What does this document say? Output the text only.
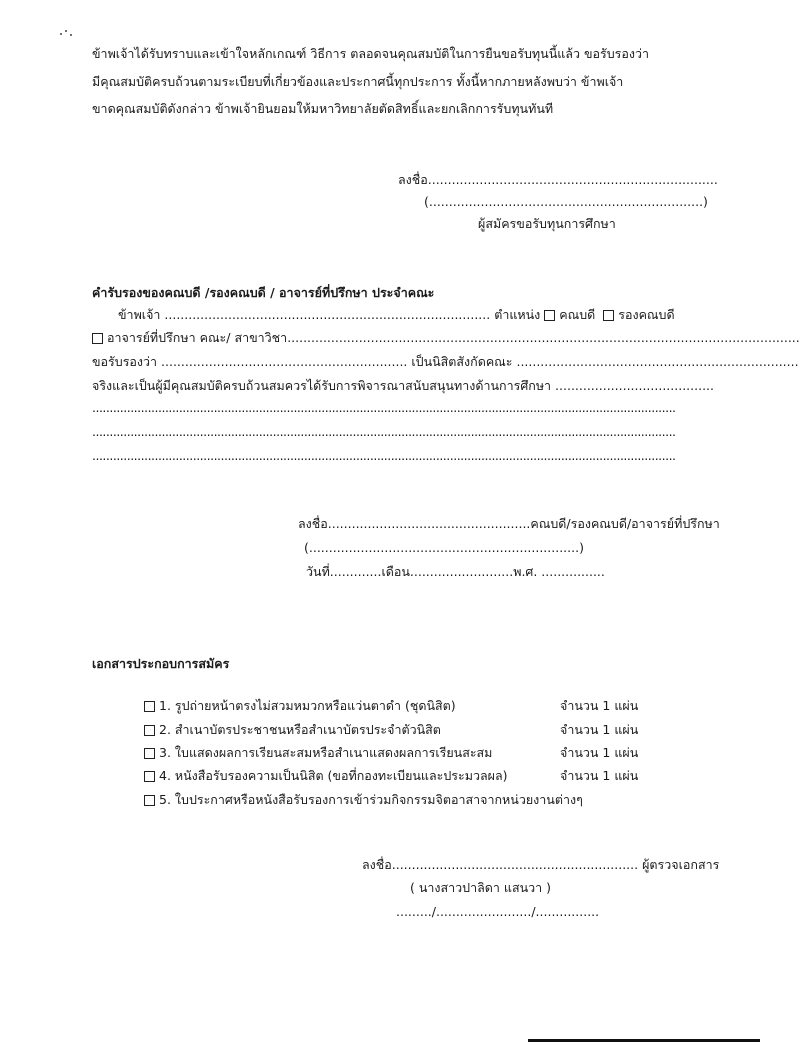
ข้าพเจ้าได้รับทราบและเข้าใจหลักเกณฑ์ วิธีการ ตลอดจนคุณสมบัติในการยืนขอรับทุนนี้แล้ว ขอรับรองว่า
มีคุณสมบัติครบถ้วนตามระเบียบที่เกี่ยวข้องและประกาศนี้ทุกประการ ทั้งนี้หากภายหลังพบว่า ข้าพเจ้า
ขาดคุณสมบัติดังกล่าว ข้าพเจ้ายินยอมให้มหาวิทยาลัยตัดสิทธิ์และยกเลิกการรับทุนทันที
ลงชื่อ.........................................................................
(.....................................................................)
ผู้สมัครขอรับทุนการศึกษา
คำรับรองของคณบดี /รองคณบดี / อาจารย์ที่ปรึกษา ประจำคณะ
ข้าพเจ้า .................................................................................. ตำแหน่ง คณบดี รองคณบดี
อาจารย์ที่ปรึกษา คณะ/ สาขาวิชา.................................................................................................................................
ขอรับรองว่า .............................................................. เป็นนิสิตสังกัดคณะ .......................................................................
จริงและเป็นผู้มีคุณสมบัติครบถ้วนสมควรได้รับการพิจารณาสนับสนุนทางด้านการศึกษา ........................................
........................................................................................................................................................................
........................................................................................................................................................................
........................................................................................................................................................................
ลงชื่อ...................................................คณบดี/รองคณบดี/อาจารย์ที่ปรึกษา
(....................................................................)
วันที่.............เดือน..........................พ.ศ. ................
เอกสารประกอบการสมัคร
1. รูปถ่ายหน้าตรงไม่สวมหมวกหรือแว่นตาดำ (ชุดนิสิต)	จำนวน 1 แผ่น
2. สำเนาบัตรประชาชนหรือสำเนาบัตรประจำตัวนิสิต	จำนวน 1 แผ่น
3. ใบแสดงผลการเรียนสะสมหรือสำเนาแสดงผลการเรียนสะสม	จำนวน 1 แผ่น
4. หนังสือรับรองความเป็นนิสิต (ขอที่กองทะเบียนและประมวลผล)	จำนวน 1 แผ่น
5. ใบประกาศหรือหนังสือรับรองการเข้าร่วมกิจกรรมจิตอาสาจากหน่วยงานต่างๆ
ลงชื่อ.............................................................. ผู้ตรวจเอกสาร
( นางสาวปาลิดา แสนวา )
........./......................../................
